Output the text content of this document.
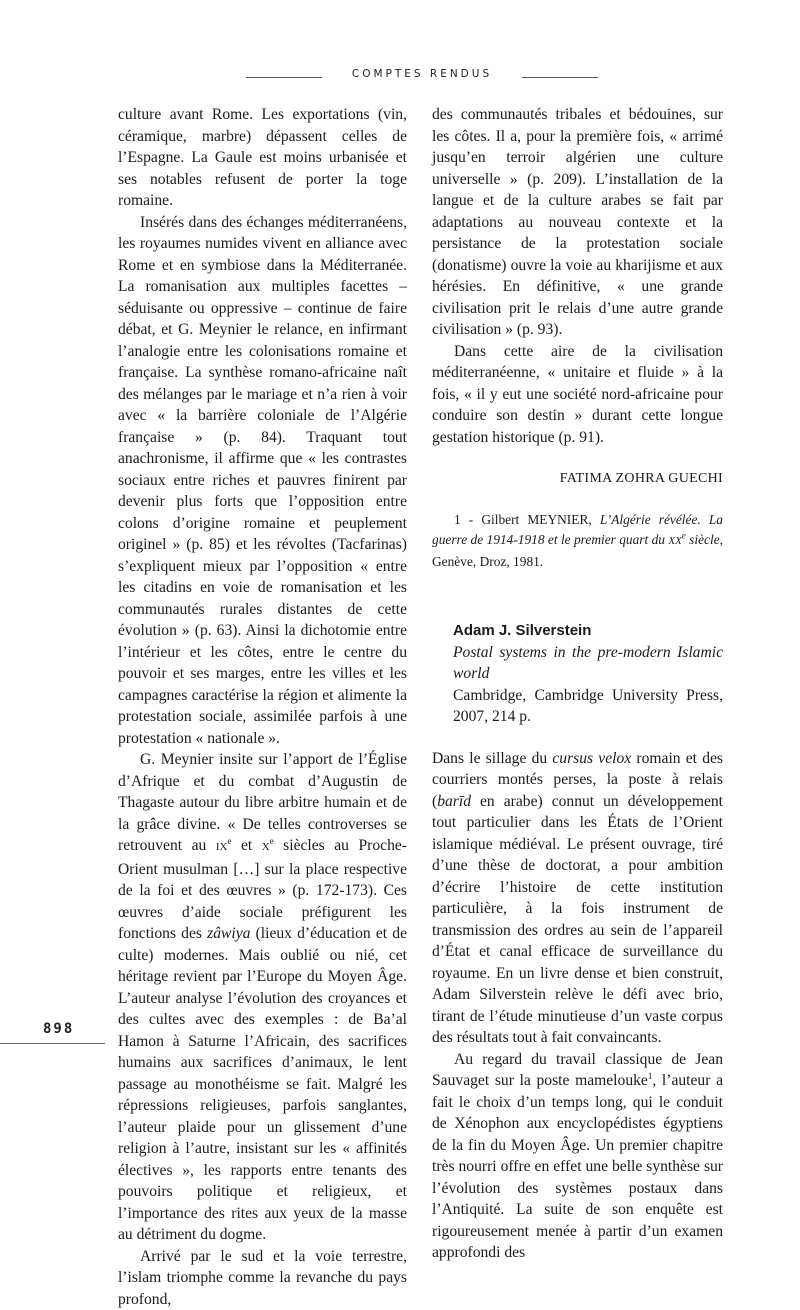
COMPTES RENDUS

culture avant Rome. Les exportations (vin, céramique, marbre) dépassent celles de l’Espagne. La Gaule est moins urbanisée et ses notables refusent de porter la toge romaine.

Insérés dans des échanges méditerranéens, les royaumes numides vivent en alliance avec Rome et en symbiose dans la Méditerranée. La romanisation aux multiples facettes – séduisante ou oppressive – continue de faire débat, et G. Meynier le relance, en infirmant l’analogie entre les colonisations romaine et française. La synthèse romano-africaine naît des mélanges par le mariage et n’a rien à voir avec « la barrière coloniale de l’Algérie française » (p. 84). Traquant tout anachronisme, il affirme que « les contrastes sociaux entre riches et pauvres finirent par devenir plus forts que l’opposition entre colons d’origine romaine et peuplement originel » (p. 85) et les révoltes (Tacfarinas) s’expliquent mieux par l’opposition « entre les citadins en voie de romanisation et les communautés rurales distantes de cette évolution » (p. 63). Ainsi la dichotomie entre l’intérieur et les côtes, entre le centre du pouvoir et ses marges, entre les villes et les campagnes caractérise la région et alimente la protestation sociale, assimilée parfois à une protestation « nationale ».

G. Meynier insite sur l’apport de l’Église d’Afrique et du combat d’Augustin de Thagaste autour du libre arbitre humain et de la grâce divine. « De telles controverses se retrouvent au IXe et Xe siècles au Proche-Orient musulman […] sur la place respective de la foi et des œuvres » (p. 172-173). Ces œuvres d’aide sociale préfigurent les fonctions des zâwiya (lieux d’éducation et de culte) modernes. Mais oublié ou nié, cet héritage revient par l’Europe du Moyen Âge. L’auteur analyse l’évolution des croyances et des cultes avec des exemples : de Ba’al Hamon à Saturne l’Africain, des sacrifices humains aux sacrifices d’animaux, le lent passage au monothéisme se fait. Malgré les répressions religieuses, parfois sanglantes, l’auteur plaide pour un glissement d’une religion à l’autre, insistant sur les « affinités électives », les rapports entre tenants des pouvoirs politique et religieux, et l’importance des rites aux yeux de la masse au détriment du dogme.

Arrivé par le sud et la voie terrestre, l’islam triomphe comme la revanche du pays profond,

des communautés tribales et bédouines, sur les côtes. Il a, pour la première fois, « arrimé jusqu’en terroir algérien une culture universelle » (p. 209). L’installation de la langue et de la culture arabes se fait par adaptations au nouveau contexte et la persistance de la protestation sociale (donatisme) ouvre la voie au kharijisme et aux hérésies. En définitive, « une grande civilisation prit le relais d’une autre grande civilisation » (p. 93).

Dans cette aire de la civilisation méditerranéenne, « unitaire et fluide » à la fois, « il y eut une société nord-africaine pour conduire son destin » durant cette longue gestation historique (p. 91).

FATIMA ZOHRA GUECHI

1 - Gilbert MEYNIER, L’Algérie révélée. La guerre de 1914-1918 et le premier quart du XXe siècle, Genève, Droz, 1981.

Adam J. Silverstein
Postal systems in the pre-modern Islamic world
Cambridge, Cambridge University Press, 2007, 214 p.

Dans le sillage du cursus velox romain et des courriers montés perses, la poste à relais (barīd en arabe) connut un développement tout particulier dans les États de l’Orient islamique médiéval. Le présent ouvrage, tiré d’une thèse de doctorat, a pour ambition d’écrire l’histoire de cette institution particulière, à la fois instrument de transmission des ordres au sein de l’appareil d’État et canal efficace de surveillance du royaume. En un livre dense et bien construit, Adam Silverstein relève le défi avec brio, tirant de l’étude minutieuse d’un vaste corpus des résultats tout à fait convaincants.

Au regard du travail classique de Jean Sauvaget sur la poste mamelouke$^1$, l’auteur a fait le choix d’un temps long, qui le conduit de Xénophon aux encyclopédistes égyptiens de la fin du Moyen Âge. Un premier chapitre très nourri offre en effet une belle synthèse sur l’évolution des systèmes postaux dans l’Antiquité. La suite de son enquête est rigoureusement menée à partir d’un examen approfondi des

898
